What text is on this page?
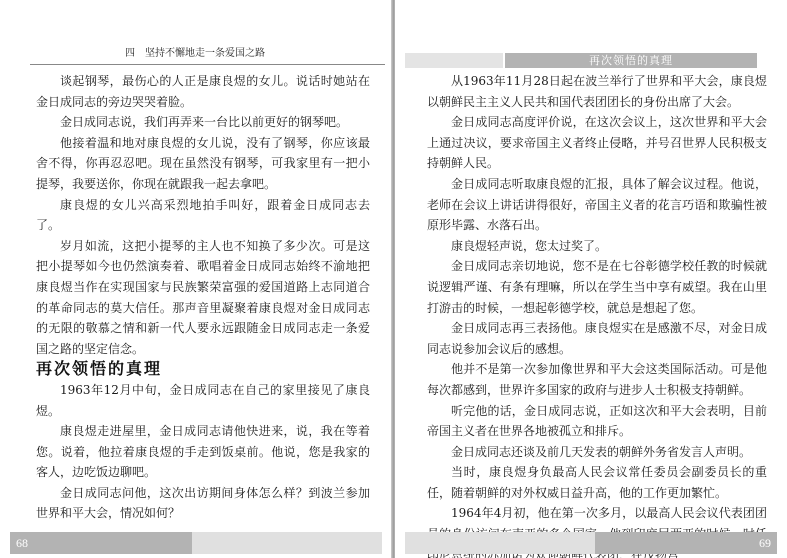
四　坚持不懈地走一条爱国之路

谈起钢琴，最伤心的人正是康良煜的女儿。说话时她站在金日成同志的旁边哭哭着脸。

金日成同志说，我们再弄来一台比以前更好的钢琴吧。

他接着温和地对康良煜的女儿说，没有了钢琴，你应该最舍不得，你再忍忍吧。现在虽然没有钢琴，可我家里有一把小提琴，我要送你，你现在就跟我一起去拿吧。

康良煜的女儿兴高采烈地拍手叫好，跟着金日成同志去了。

岁月如流，这把小提琴的主人也不知换了多少次。可是这把小提琴如今也仍然演奏着、歌唱着金日成同志始终不渝地把康良煜当作在实现国家与民族繁荣富强的爱国道路上志同道合的革命同志的莫大信任。那声音里凝聚着康良煜对金日成同志的无限的敬慕之情和新一代人要永远跟随金日成同志走一条爱国之路的坚定信念。

再次领悟的真理

1963年12月中旬，金日成同志在自己的家里接见了康良煜。

康良煜走进屋里，金日成同志请他快进来，说，我在等着您。说着，他拉着康良煜的手走到饭桌前。他说，您是我家的客人，边吃饭边聊吧。

金日成同志问他，这次出访期间身体怎么样？到波兰参加世界和平大会，情况如何？

68
再次领悟的真理

从1963年11月28日起在波兰举行了世界和平大会，康良煜以朝鲜民主主义人民共和国代表团团长的身份出席了大会。

金日成同志高度评价说，在这次会议上，这次世界和平大会上通过决议，要求帝国主义者终止侵略，并号召世界人民积极支持朝鲜人民。

金日成同志听取康良煜的汇报，具体了解会议过程。他说，老师在会议上讲话讲得很好，帝国主义者的花言巧语和欺骗性被原形毕露、水落石出。

康良煜轻声说，您太过奖了。

金日成同志亲切地说，您不是在七谷彰德学校任教的时候就说逻辑严谨、有条有理嘛，所以在学生当中享有威望。我在山里打游击的时候，一想起彰德学校，就总是想起了您。

金日成同志再三表扬他。康良煜实在是感激不尽，对金日成同志说参加会议后的感想。

他并不是第一次参加像世界和平大会这类国际活动。可是他每次都感到，世界许多国家的政府与进步人士积极支持朝鲜。

听完他的话，金日成同志说，正如这次和平大会表明，目前帝国主义者在世界各地被孤立和排斥。

金日成同志还谈及前几天发表的朝鲜外务省发言人声明。

当时，康良煜身负最高人民会议常任委员会副委员长的重任，随着朝鲜的对外权威日益升高，他的工作更加繁忙。

1964年4月初，他在第一次多月，以最高人民会议代表团团

69
